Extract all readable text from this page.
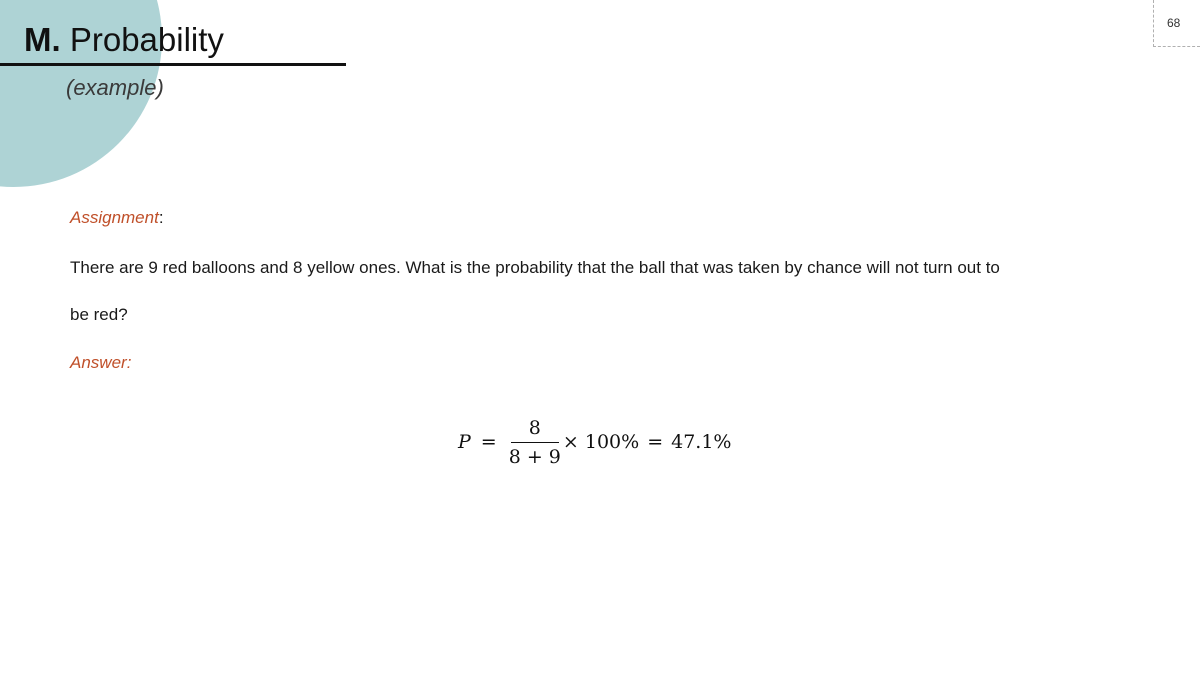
M. Probability
(example)
68
Assignment:
There are 9 red balloons and 8 yellow ones. What is the probability that the ball that was taken by chance will not turn out to
be red?
Answer:
$P = \frac{8}{8 + 9} \times 100\% = 47.1\%$
